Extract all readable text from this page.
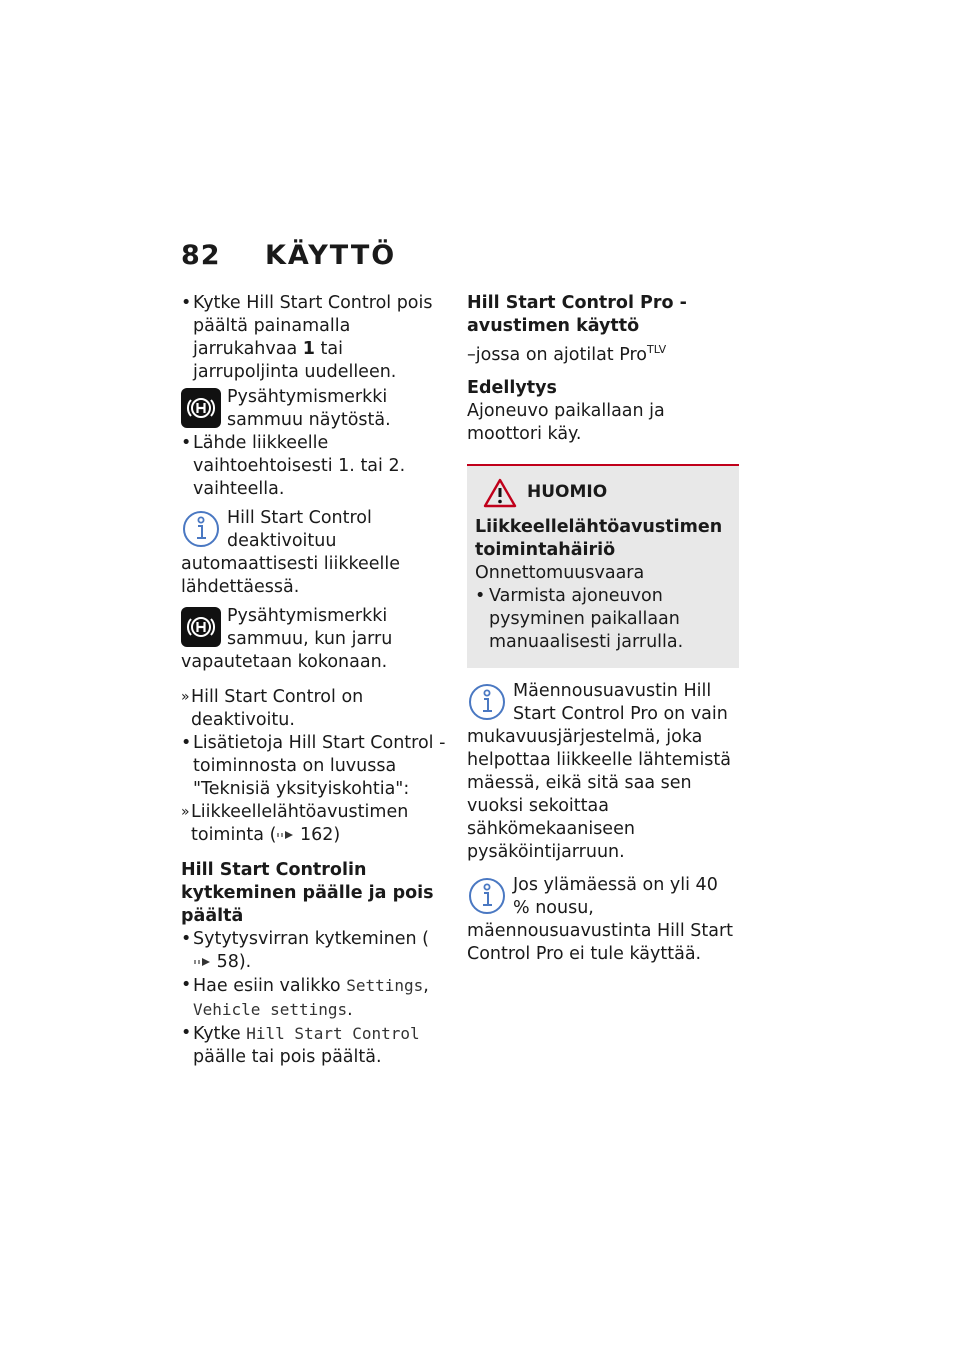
82	KÄYTTÖ

• Kytke Hill Start Control pois päältä painamalla jarrukahvaa 1 tai jarrupoljinta uudelleen.

Pysähtymismerkki sammuu näytöstä.

• Lähde liikkeelle vaihtoehtoisesti 1. tai 2. vaihteella.

Hill Start Control deaktivoituu automaattisesti liikkeelle lähdettäessä.
Pysähtymismerkki sammuu, kun jarru vapautetaan kokonaan.

» Hill Start Control on deaktivoitu.

• Lisätietoja Hill Start Control -toiminnosta on luvussa "Teknisiä yksityiskohtia":

» Liikkeellelähtöavustimen toiminta ( 162)

Hill Start Controlin kytkeminen päälle ja pois päältä

• Sytytysvirran kytkeminen ( 58).

• Hae esiin valikko Settings, Vehicle settings.

• Kytke Hill Start Control päälle tai pois päältä.

Hill Start Control Pro -avustimen käyttö
–jossa on ajotilat Pro$^{TLV}$
Edellytys
Ajoneuvo paikallaan ja moottori käy.
HUOMIO
Liikkeellelähtöavustimen toimintahäiriö
Onnettomuusvaara
• Varmista ajoneuvon pysyminen paikallaan manuaalisesti jarrulla.
Mäennousuavustin Hill Start Control Pro on vain mukavuusjärjestelmä, joka helpottaa liikkeelle lähtemistä mäessä, eikä sitä saa sen vuoksi sekoittaa sähkömekaaniseen pysäköintijarruun.
Jos ylämäessä on yli 40 % nousu, mäennousuavustinta Hill Start Control Pro ei tule käyttää.
